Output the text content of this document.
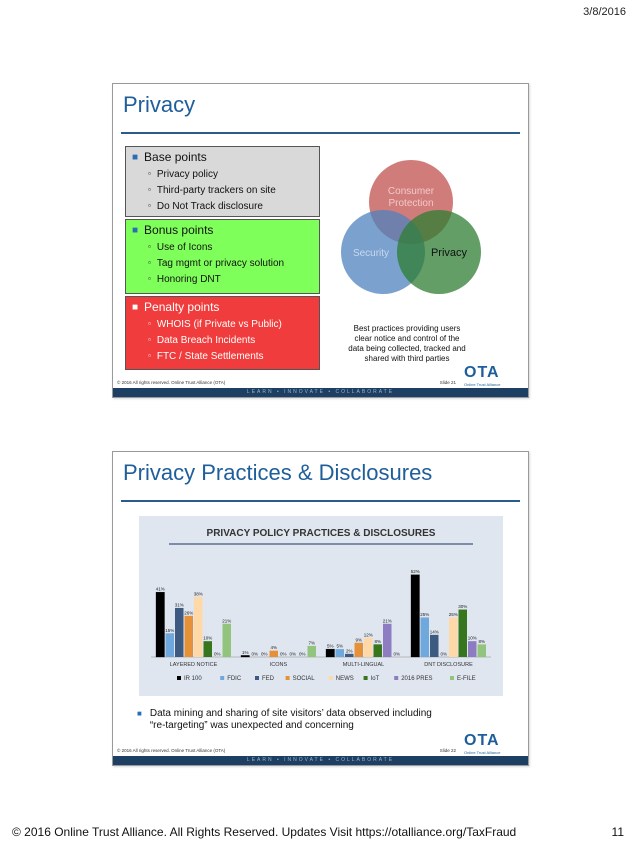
3/8/2016
Privacy
■ Base points
▫ Privacy policy
▫ Third-party trackers on site
▫ Do Not Track disclosure
■ Bonus points
▫ Use of Icons
▫ Tag mgmt or privacy solution
▫ Honoring DNT
■ Penalty points
▫ WHOIS (if Private vs Public)
▫ Data Breach Incidents
▫ FTC / State Settlements
Consumer
Protection
Security	Privacy
Best practices providing users
clear notice and control of the
data being collected, tracked and
shared with third parties
© 2016 All rights reserved. Online Trust Alliance (OTA)	Slide 21
OTA
Online Trust Alliance
LEARN • INNOVATE • COLLABORATE
Privacy Practices & Disclosures
PRIVACY POLICY PRACTICES & DISCLOSURES
41%
15%
31%
26%
38%
10%
0%
21%
LAYERED NOTICE
1% 0% 0%
4%
0% 0% 0%
7%
ICONS
5% 5%
2%
9%
12%
8%
21%
0%
MULTI-LINGUAL
52%
25%
14%
0%
25%
30%
10%
8%
DNT DISCLOSURE
IR 100	FDIC	FED	SOCIAL	NEWS	IoT	2016 PRES	E-FILE
■ Data mining and sharing of site visitors’ data observed including
“re-targeting” was unexpected and concerning
© 2016 All rights reserved. Online Trust Alliance (OTA)	Slide 22
OTA
Online Trust Alliance
LEARN • INNOVATE • COLLABORATE
© 2016 Online Trust Alliance. All Rights Reserved. Updates Visit https://otalliance.org/TaxFraud	11
